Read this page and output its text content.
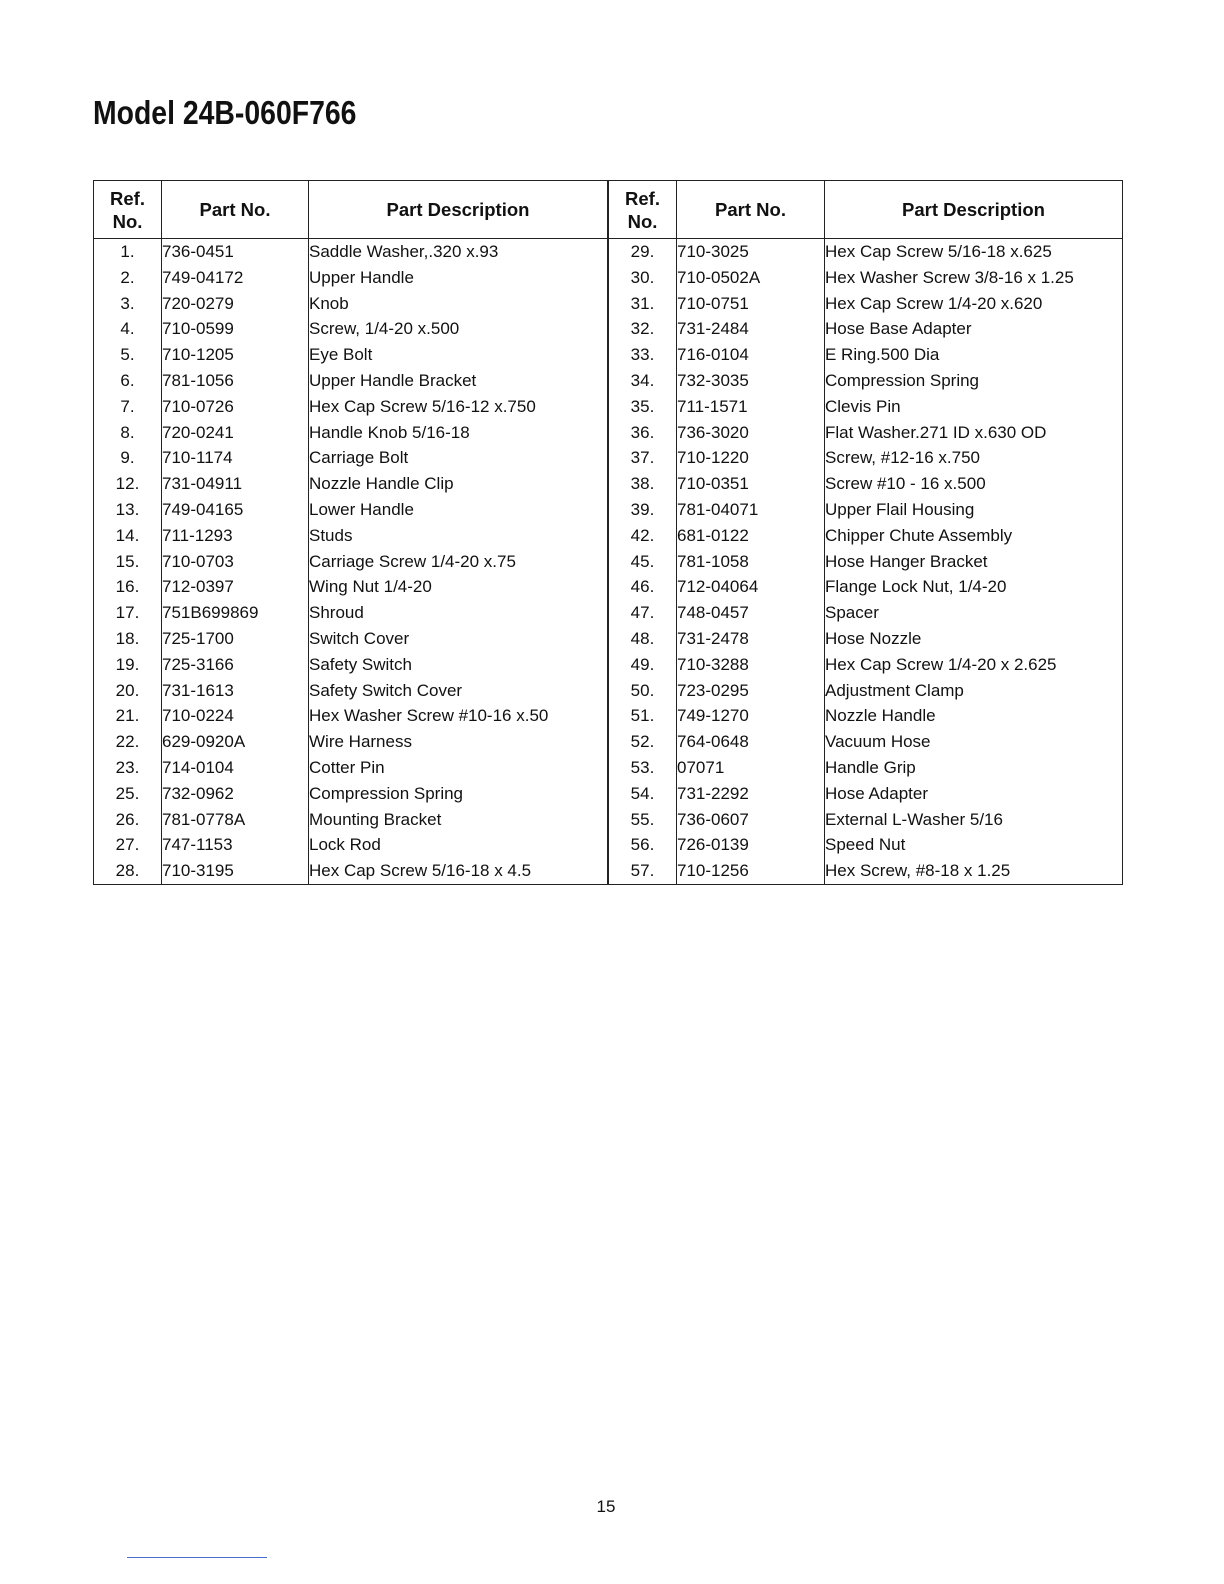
Model 24B-060F766
Ref.
No.	Part No.	Part Description
1.	736-0451	Saddle Washer,.320 x.93
2.	749-04172	Upper Handle
3.	720-0279	Knob
4.	710-0599	Screw, 1/4-20 x.500
5.	710-1205	Eye Bolt
6.	781-1056	Upper Handle Bracket
7.	710-0726	Hex Cap Screw 5/16-12 x.750
8.	720-0241	Handle Knob 5/16-18
9.	710-1174	Carriage Bolt
12.	731-04911	Nozzle Handle Clip
13.	749-04165	Lower Handle
14.	711-1293	Studs
15.	710-0703	Carriage Screw 1/4-20 x.75
16.	712-0397	Wing Nut 1/4-20
17.	751B699869	Shroud
18.	725-1700	Switch Cover
19.	725-3166	Safety Switch
20.	731-1613	Safety Switch Cover
21.	710-0224	Hex Washer Screw #10-16 x.50
22.	629-0920A	Wire Harness
23.	714-0104	Cotter Pin
25.	732-0962	Compression Spring
26.	781-0778A	Mounting Bracket
27.	747-1153	Lock Rod
28.	710-3195	Hex Cap Screw 5/16-18 x 4.5
Ref.
No.	Part No.	Part Description
29.	710-3025	Hex Cap Screw 5/16-18 x.625
30.	710-0502A	Hex Washer Screw 3/8-16 x 1.25
31.	710-0751	Hex Cap Screw 1/4-20 x.620
32.	731-2484	Hose Base Adapter
33.	716-0104	E Ring.500 Dia
34.	732-3035	Compression Spring
35.	711-1571	Clevis Pin
36.	736-3020	Flat Washer.271 ID x.630 OD
37.	710-1220	Screw, #12-16 x.750
38.	710-0351	Screw #10 - 16 x.500
39.	781-04071	Upper Flail Housing
42.	681-0122	Chipper Chute Assembly
45.	781-1058	Hose Hanger Bracket
46.	712-04064	Flange Lock Nut, 1/4-20
47.	748-0457	Spacer
48.	731-2478	Hose Nozzle
49.	710-3288	Hex Cap Screw 1/4-20 x 2.625
50.	723-0295	Adjustment Clamp
51.	749-1270	Nozzle Handle
52.	764-0648	Vacuum Hose
53.	07071	Handle Grip
54.	731-2292	Hose Adapter
55.	736-0607	External L-Washer 5/16
56.	726-0139	Speed Nut
57.	710-1256	Hex Screw, #8-18 x 1.25
15
